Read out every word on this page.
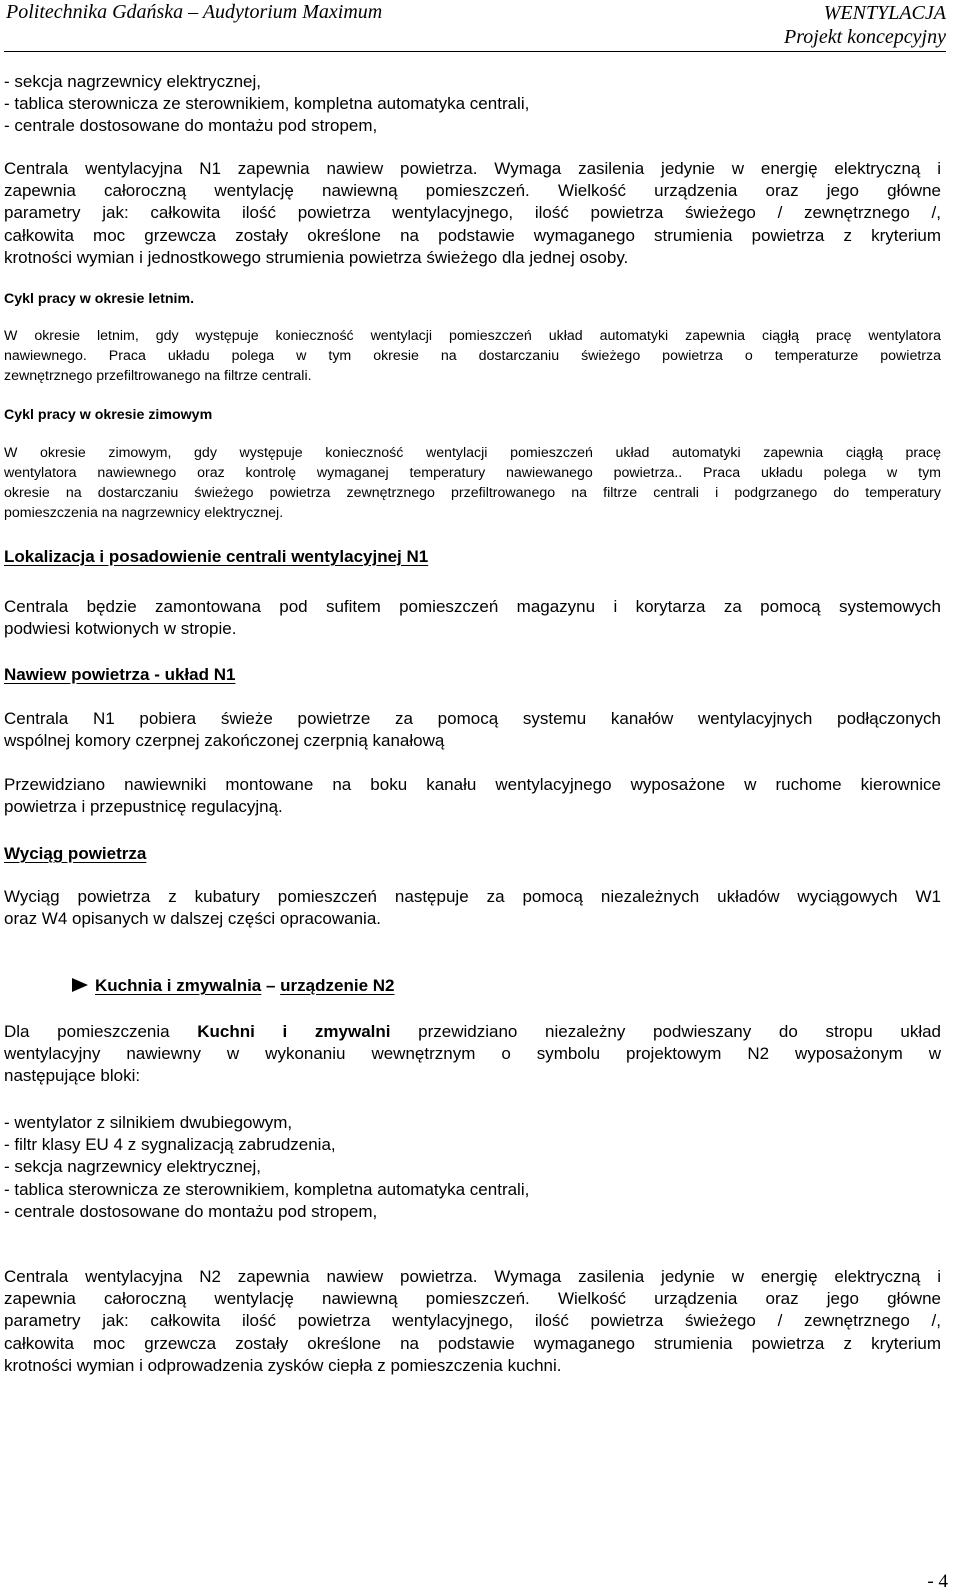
Politechnika Gdańska – Audytorium Maximum	WENTYLACJA
Projekt koncepcyjny
- sekcja nagrzewnicy elektrycznej,
- tablica sterownicza ze sterownikiem, kompletna automatyka centrali,
- centrale dostosowane do montażu pod stropem,
Centrala wentylacyjna N1 zapewnia nawiew powietrza. Wymaga zasilenia jedynie w energię elektryczną i
zapewnia całoroczną wentylację nawiewną pomieszczeń. Wielkość urządzenia oraz jego główne
parametry jak: całkowita ilość powietrza wentylacyjnego, ilość powietrza świeżego / zewnętrznego /,
całkowita moc grzewcza zostały określone na podstawie wymaganego strumienia powietrza z kryterium
krotności wymian i jednostkowego strumienia powietrza świeżego dla jednej osoby.
Cykl pracy w okresie letnim.
W okresie letnim, gdy występuje konieczność wentylacji pomieszczeń układ automatyki zapewnia ciągłą pracę wentylatora
nawiewnego. Praca układu polega w tym okresie na dostarczaniu świeżego powietrza o temperaturze powietrza
zewnętrznego przefiltrowanego na filtrze centrali.
Cykl pracy w okresie zimowym
W okresie zimowym, gdy występuje konieczność wentylacji pomieszczeń układ automatyki zapewnia ciągłą pracę
wentylatora nawiewnego oraz kontrolę wymaganej temperatury nawiewanego powietrza.. Praca układu polega w tym
okresie na dostarczaniu świeżego powietrza zewnętrznego przefiltrowanego na filtrze centrali i podgrzanego do temperatury
pomieszczenia na nagrzewnicy elektrycznej.
Lokalizacja i posadowienie centrali wentylacyjnej N1
Centrala będzie zamontowana pod sufitem pomieszczeń magazynu i korytarza za pomocą systemowych
podwiesi kotwionych w stropie.
Nawiew powietrza - układ N1
Centrala N1 pobiera świeże powietrze za pomocą systemu kanałów wentylacyjnych podłączonych
wspólnej komory czerpnej zakończonej czerpnią kanałową
Przewidziano nawiewniki montowane na boku kanału wentylacyjnego wyposażone w ruchome kierownice
powietrza i przepustnicę regulacyjną.
Wyciąg powietrza
Wyciąg powietrza z kubatury pomieszczeń następuje za pomocą niezależnych układów wyciągowych W1
oraz W4 opisanych w dalszej części opracowania.
Kuchnia i zmywalnia – urządzenie N2
Dla pomieszczenia Kuchni i zmywalni przewidziano niezależny podwieszany do stropu układ
wentylacyjny nawiewny w wykonaniu wewnętrznym o symbolu projektowym N2 wyposażonym w
następujące bloki:
- wentylator z silnikiem dwubiegowym,
- filtr klasy EU 4 z sygnalizacją zabrudzenia,
- sekcja nagrzewnicy elektrycznej,
- tablica sterownicza ze sterownikiem, kompletna automatyka centrali,
- centrale dostosowane do montażu pod stropem,
Centrala wentylacyjna N2 zapewnia nawiew powietrza. Wymaga zasilenia jedynie w energię elektryczną i
zapewnia całoroczną wentylację nawiewną pomieszczeń. Wielkość urządzenia oraz jego główne
parametry jak: całkowita ilość powietrza wentylacyjnego, ilość powietrza świeżego / zewnętrznego /,
całkowita moc grzewcza zostały określone na podstawie wymaganego strumienia powietrza z kryterium
krotności wymian i odprowadzenia zysków ciepła z pomieszczenia kuchni.
- 4
